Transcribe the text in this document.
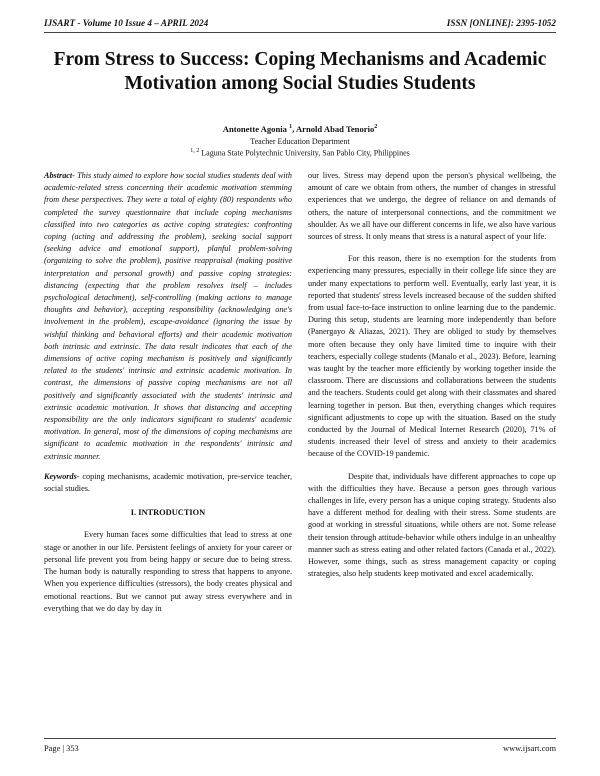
IJSART - Volume 10 Issue 4 – APRIL 2024	ISSN [ONLINE]: 2395-1052
From Stress to Success: Coping Mechanisms and Academic Motivation among Social Studies Students
Antonette Agonia $^1$, Arnold Abad Tenorio$^2$
Teacher Education Department
$^{1, 2}$ Laguna State Polytechnic University, San Pablo City, Philippines

Abstract- This study aimed to explore how social studies students deal with academic-related stress concerning their academic motivation stemming from these perspectives. They were a total of eighty (80) respondents who completed the survey questionnaire that include coping mechanisms classified into two categories as active coping strategies: confronting coping (acting and addressing the problem), seeking social support (seeking advice and emotional support), planful problem-solving (organizing to solve the problem), positive reappraisal (making positive interpretation and personal growth) and passive coping strategies: distancing (expecting that the problem resolves itself – includes psychological detachment), self-controlling (making actions to manage thoughts and behavior), accepting responsibility (acknowledging one's involvement in the problem), escape-avoidance (ignoring the issue by wishful thinking and behavioral efforts) and their academic motivation both intrinsic and extrinsic. The data result indicates that each of the dimensions of active coping mechanism is positively and significantly related to the students' intrinsic and extrinsic academic motivation. In contrast, the dimensions of passive coping mechanisms are not all positively and significantly associated with the students' intrinsic and extrinsic academic motivation. It shows that distancing and accepting responsibility are the only indicators significant to students' academic motivation. In general, most of the dimensions of coping mechanisms are significant to academic motivation in the respondents' intrinsic and extrinsic manner.

Keywords- coping mechanisms, academic motivation, pre-service teacher, social studies.

I. INTRODUCTION

Every human faces some difficulties that lead to stress at one stage or another in our life. Persistent feelings of anxiety for your career or personal life prevent you from being happy or secure due to being stress. The human body is naturally responding to stress that happens to anyone. When you experience difficulties (stressors), the body creates physical and emotional reactions. But we cannot put away stress everywhere and in everything that we do day by day in

our lives. Stress may depend upon the person's physical wellbeing, the amount of care we obtain from others, the number of changes in stressful experiences that we undergo, the degree of reliance on and demands of others, the nature of interpersonal connections, and the commitment we shoulder. As we all have our different concerns in life, we also have various sources of stress. It only means that stress is a natural aspect of your life.

For this reason, there is no exemption for the students from experiencing many pressures, especially in their college life since they are under many expectations to perform well. Eventually, early last year, it is reported that students' stress levels increased because of the sudden shifted from usual face-to-face instruction to online learning due to the pandemic. During this setup, students are learning more independently than before (Panergayo & Aliazas, 2021). They are obliged to study by themselves more often because they only have limited time to inquire with their teachers, especially college students (Manalo et al., 2023). Before, learning was taught by the teacher more efficiently by working together inside the classroom. There are discussions and collaborations between the students and the teachers. Students could get along with their classmates and shared learning together in person. But then, everything changes which requires significant adjustments to cope up with the situation. Based on the study conducted by the Journal of Medical Internet Research (2020), 71% of students increased their level of stress and anxiety to their academics because of the COVID-19 pandemic.

Despite that, individuals have different approaches to cope up with the difficulties they have. Because a person goes through various challenges in life, every person has a unique coping strategy. Students also have a different method for dealing with their stress. Some students are good at working in stressful situations, while others are not. Some release their tension through attitude-behavior while others indulge in an unhealthy manner such as stress eating and other related factors (Canada et al., 2022). However, some things, such as stress management capacity or coping strategies, also help students keep motivated and excel academically.

Page | 353	www.ijsart.com
